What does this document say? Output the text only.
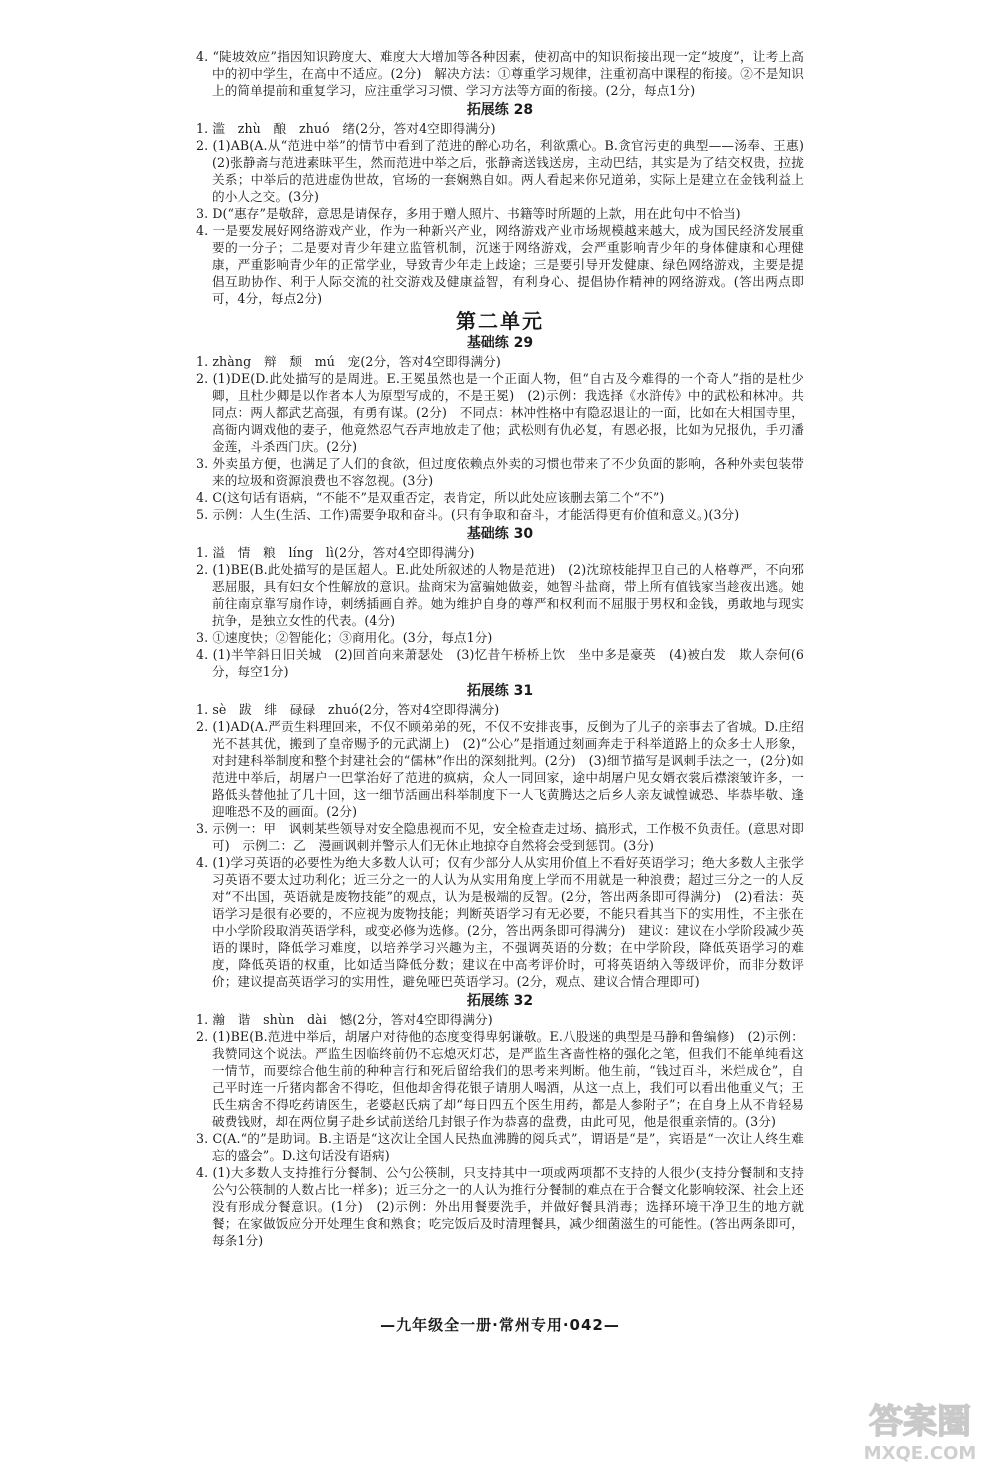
4. “陡坡效应”指因知识跨度大、难度大大增加等各种因素，使初高中的知识衔接出现一定“坡度”，让考上高中的初中学生，在高中不适应。(2分)　解决方法：①尊重学习规律，注重初高中课程的衔接。②不是知识上的简单提前和重复学习，应注重学习习惯、学习方法等方面的衔接。(2分，每点1分)

拓展练 28

1. 滥　zhù　酿　zhuó　绪(2分，答对4空即得满分)

2. (1)AB(A.从“范进中举”的情节中看到了范进的醉心功名，利欲熏心。B.贪官污吏的典型——汤奉、王惠)　(2)张静斋与范进素昧平生，然而范进中举之后，张静斋送钱送房，主动巴结，其实是为了结交权贵，拉拢关系；中举后的范进虚伪世故，官场的一套娴熟自如。两人看起来你兄道弟，实际上是建立在金钱利益上的小人之交。(3分)

3. D(“惠存”是敬辞，意思是请保存，多用于赠人照片、书籍等时所题的上款，用在此句中不恰当)

4. 一是要发展好网络游戏产业，作为一种新兴产业，网络游戏产业市场规模越来越大，成为国民经济发展重要的一分子；二是要对青少年建立监管机制，沉迷于网络游戏，会严重影响青少年的身体健康和心理健康，严重影响青少年的正常学业，导致青少年走上歧途；三是要引导开发健康、绿色网络游戏，主要是提倡互助协作、利于人际交流的社交游戏及健康益智，有利身心、提倡协作精神的网络游戏。(答出两点即可，4分，每点2分)

第二单元

基础练 29

1. zhàng　辩　颓　mú　宠(2分，答对4空即得满分)

2. (1)DE(D.此处描写的是周进。E.王冕虽然也是一个正面人物，但“自古及今难得的一个奇人”指的是杜少卿，且杜少卿是以作者本人为原型写成的，不是王冕)　(2)示例：我选择《水浒传》中的武松和林冲。共同点：两人都武艺高强，有勇有谋。(2分)　不同点：林冲性格中有隐忍退让的一面，比如在大相国寺里，高衙内调戏他的妻子，他竟然忍气吞声地放走了他；武松则有仇必复，有恩必报，比如为兄报仇，手刃潘金莲，斗杀西门庆。(2分)

3. 外卖虽方便，也满足了人们的食欲，但过度依赖点外卖的习惯也带来了不少负面的影响，各种外卖包装带来的垃圾和资源浪费也不容忽视。(3分)

4. C(这句话有语病，“不能不”是双重否定，表肯定，所以此处应该删去第二个“不”)

5. 示例：人生(生活、工作)需要争取和奋斗。(只有争取和奋斗，才能活得更有价值和意义。)(3分)

基础练 30

1. 溢　情　粮　líng　lì(2分，答对4空即得满分)

2. (1)BE(B.此处描写的是匡超人。E.此处所叙述的人物是范进)　(2)沈琼枝能捍卫自己的人格尊严，不向邪恶屈服，具有妇女个性解放的意识。盐商宋为富骗她做妾，她智斗盐商，带上所有值钱家当趁夜出逃。她前往南京靠写扇作诗，刺绣插画自养。她为维护自身的尊严和权利而不屈服于男权和金钱，勇敢地与现实抗争，是独立女性的代表。(4分)

3. ①速度快；②智能化；③商用化。(3分，每点1分)

4. (1)半竿斜日旧关城　(2)回首向来萧瑟处　(3)忆昔午桥桥上饮　坐中多是豪英　(4)被白发　欺人奈何(6分，每空1分)

拓展练 31

1. sè　跋　绯　碌碌　zhuó(2分，答对4空即得满分)

2. (1)AD(A.严贡生料理回来，不仅不顾弟弟的死，不仅不安排丧事，反倒为了儿子的亲事去了省城。D.庄绍光不甚其优，搬到了皇帝赐予的元武湖上)　(2)“公心”是指通过刻画奔走于科举道路上的众多士人形象，对封建科举制度和整个封建社会的“儒林”作出的深刻批判。(2分)　(3)细节描写是讽刺手法之一，(2分)如范进中举后，胡屠户一巴掌治好了范进的疯病，众人一同回家，途中胡屠户见女婿衣裳后襟滚皱许多，一路低头替他扯了几十回，这一细节活画出科举制度下一人飞黄腾达之后乡人亲友诚惶诚恐、毕恭毕敬、逢迎唯恐不及的画面。(2分)

3. 示例一：甲　讽刺某些领导对安全隐患视而不见，安全检查走过场、搞形式，工作极不负责任。(意思对即可)　示例二：乙　漫画讽刺并警示人们无休止地掠夺自然将会受到惩罚。(3分)

4. (1)学习英语的必要性为绝大多数人认可；仅有少部分人从实用价值上不看好英语学习；绝大多数人主张学习英语不要太过功利化；近三分之一的人认为从实用角度上学而不用就是一种浪费；超过三分之一的人反对“不出国，英语就是废物技能”的观点，认为是极端的反智。(2分，答出两条即可得满分)　(2)看法：英语学习是很有必要的，不应视为废物技能；判断英语学习有无必要，不能只看其当下的实用性，不主张在中小学阶段取消英语学科，或变必修为选修。(2分，答出两条即可得满分)　建议：建议在小学阶段减少英语的课时，降低学习难度，以培养学习兴趣为主，不强调英语的分数；在中学阶段，降低英语学习的难度，降低英语的权重，比如适当降低分数；建议在中高考评价时，可将英语纳入等级评价，而非分数评价；建议提高英语学习的实用性，避免哑巴英语学习。(2分，观点、建议合情合理即可)

拓展练 32

1. 瀚　谐　shùn　dài　憾(2分，答对4空即得满分)

2. (1)BE(B.范进中举后，胡屠户对待他的态度变得卑躬谦敬。E.八股迷的典型是马静和鲁编修)　(2)示例：我赞同这个说法。严监生因临终前仍不忘熄灭灯芯，是严监生吝啬性格的强化之笔，但我们不能单纯看这一情节，而要综合他生前的种种言行和死后留给我们的思考来判断。他生前，“钱过百斗，米烂成仓”，自己平时连一斤猪肉都舍不得吃，但他却舍得花银子请朋人喝酒，从这一点上，我们可以看出他重义气；王氏生病舍不得吃药请医生，老婆赵氏病了却“每日四五个医生用药，都是人参附子”；在自身上从不肯轻易破费钱财，却在两位舅子赴乡试前送给几封银子作为恭喜的盘费，由此可见，他是很重亲情的。(3分)

3. C(A.“的”是助词。B.主语是“这次让全国人民热血沸腾的阅兵式”，谓语是“是”，宾语是“一次让人终生难忘的盛会”。D.这句话没有语病)

4. (1)大多数人支持推行分餐制、公勺公筷制，只支持其中一项或两项都不支持的人很少(支持分餐制和支持公勺公筷制的人数占比一样多)；近三分之一的人认为推行分餐制的难点在于合餐文化影响较深、社会上还没有形成分餐意识。(1分)　(2)示例：外出用餐要洗手，并做好餐具消毒；选择环境干净卫生的地方就餐；在家做饭应分开处理生食和熟食；吃完饭后及时清理餐具，减少细菌滋生的可能性。(答出两条即可，每条1分)

—九年级全一册·常州专用·042—
答案圈
MXQE.COM
